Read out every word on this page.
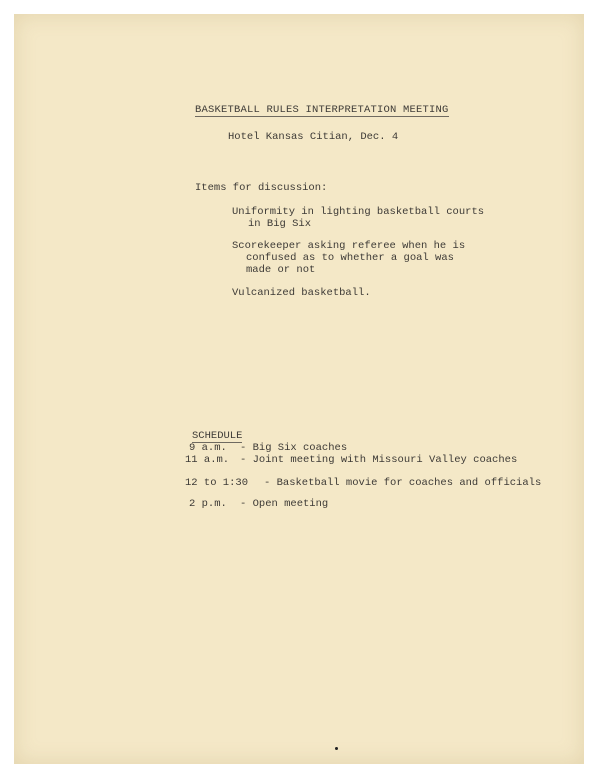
BASKETBALL RULES INTERPRETATION MEETING
Hotel Kansas Citian, Dec. 4
Items for discussion:
Uniformity in lighting basketball courts
in Big Six
Scorekeeper asking referee when he is
confused as to whether a goal was
made or not
Vulcanized basketball.
SCHEDULE
9 a.m. - Big Six coaches
11 a.m. - Joint meeting with Missouri Valley coaches
12 to 1:30 - Basketball movie for coaches and officials
2 p.m. - Open meeting
